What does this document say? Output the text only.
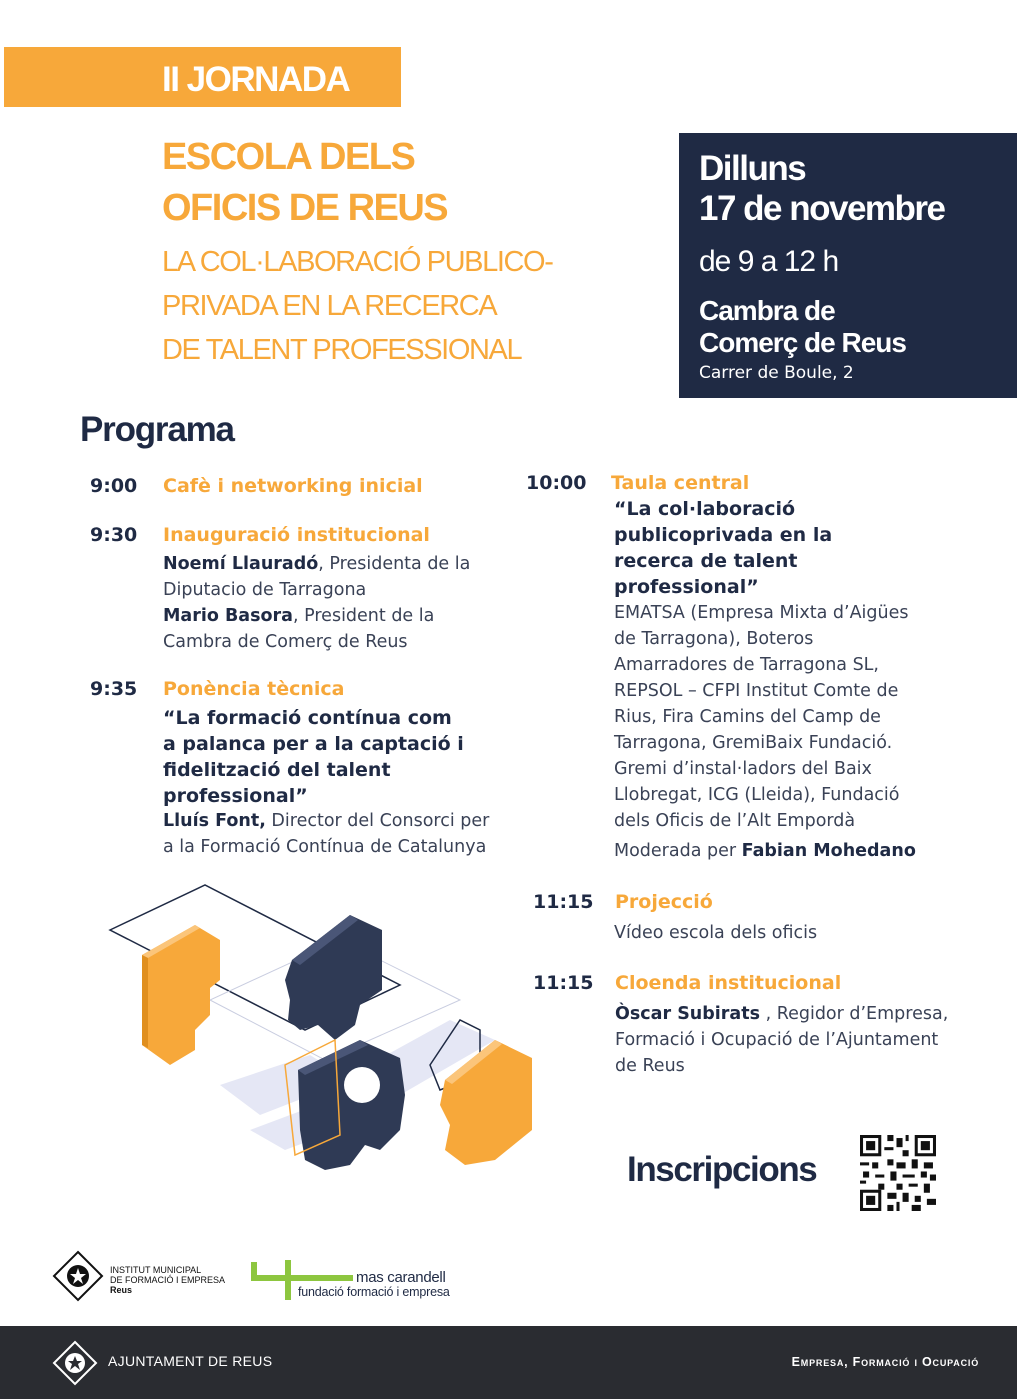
II JORNADA
ESCOLA DELS
OFICIS DE REUS
LA COL·LABORACIÓ PUBLICO-
PRIVADA EN LA RECERCA
DE TALENT PROFESSIONAL
Dilluns
17 de novembre
de 9 a 12 h
Cambra de
Comerç de Reus
Carrer de Boule, 2
Programa
9:00 Cafè i networking inicial
9:30 Inauguració institucional
Noemí Llauradó, Presidenta de la
Diputacio de Tarragona
Mario Basora, President de la
Cambra de Comerç de Reus
9:35 Ponència tècnica
“La formació contínua com
a palanca per a la captació i
fidelització del talent
professional”
Lluís Font, Director del Consorci per
a la Formació Contínua de Catalunya
10:00 Taula central
“La col·laboració
publicoprivada en la
recerca de talent
professional”
EMATSA (Empresa Mixta d’Aigües
de Tarragona), Boteros
Amarradores de Tarragona SL,
REPSOL – CFPI Institut Comte de
Rius, Fira Camins del Camp de
Tarragona, GremiBaix Fundació.
Gremi d’instal·ladors del Baix
Llobregat, ICG (Lleida), Fundació
dels Oficis de l’Alt Empordà
Moderada per Fabian Mohedano
11:15 Projecció
Vídeo escola dels oficis
11:15 Cloenda institucional
Òscar Subirats , Regidor d’Empresa,
Formació i Ocupació de l’Ajuntament
de Reus
Inscripcions
INSTITUT MUNICIPAL
DE FORMACIÓ I EMPRESA
Reus
mas carandell
fundació formació i empresa
AJUNTAMENT DE REUS	Empresa, Formació i Ocupació
